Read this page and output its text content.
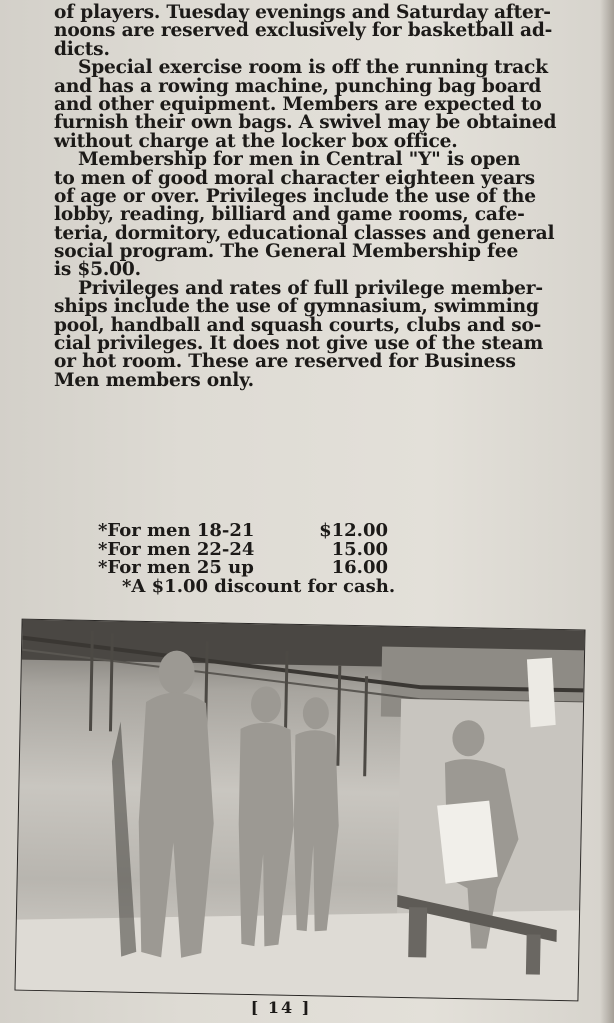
of players. Tuesday evenings and Saturday after-
noons are reserved exclusively for basketball ad-
dicts.
Special exercise room is off the running track
and has a rowing machine, punching bag board
and other equipment. Members are expected to
furnish their own bags. A swivel may be obtained
without charge at the locker box office.
Membership for men in Central "Y" is open
to men of good moral character eighteen years
of age or over. Privileges include the use of the
lobby, reading, billiard and game rooms, cafe-
teria, dormitory, educational classes and general
social program. The General Membership fee
is $5.00.
Privileges and rates of full privilege member-
ships include the use of gymnasium, swimming
pool, handball and squash courts, clubs and so-
cial privileges. It does not give use of the steam
or hot room. These are reserved for Business
Men members only.
*For men 18-21	$12.00
*For men 22-24	15.00
*For men 25 up	16.00
*A $1.00 discount for cash.
[ 14 ]
